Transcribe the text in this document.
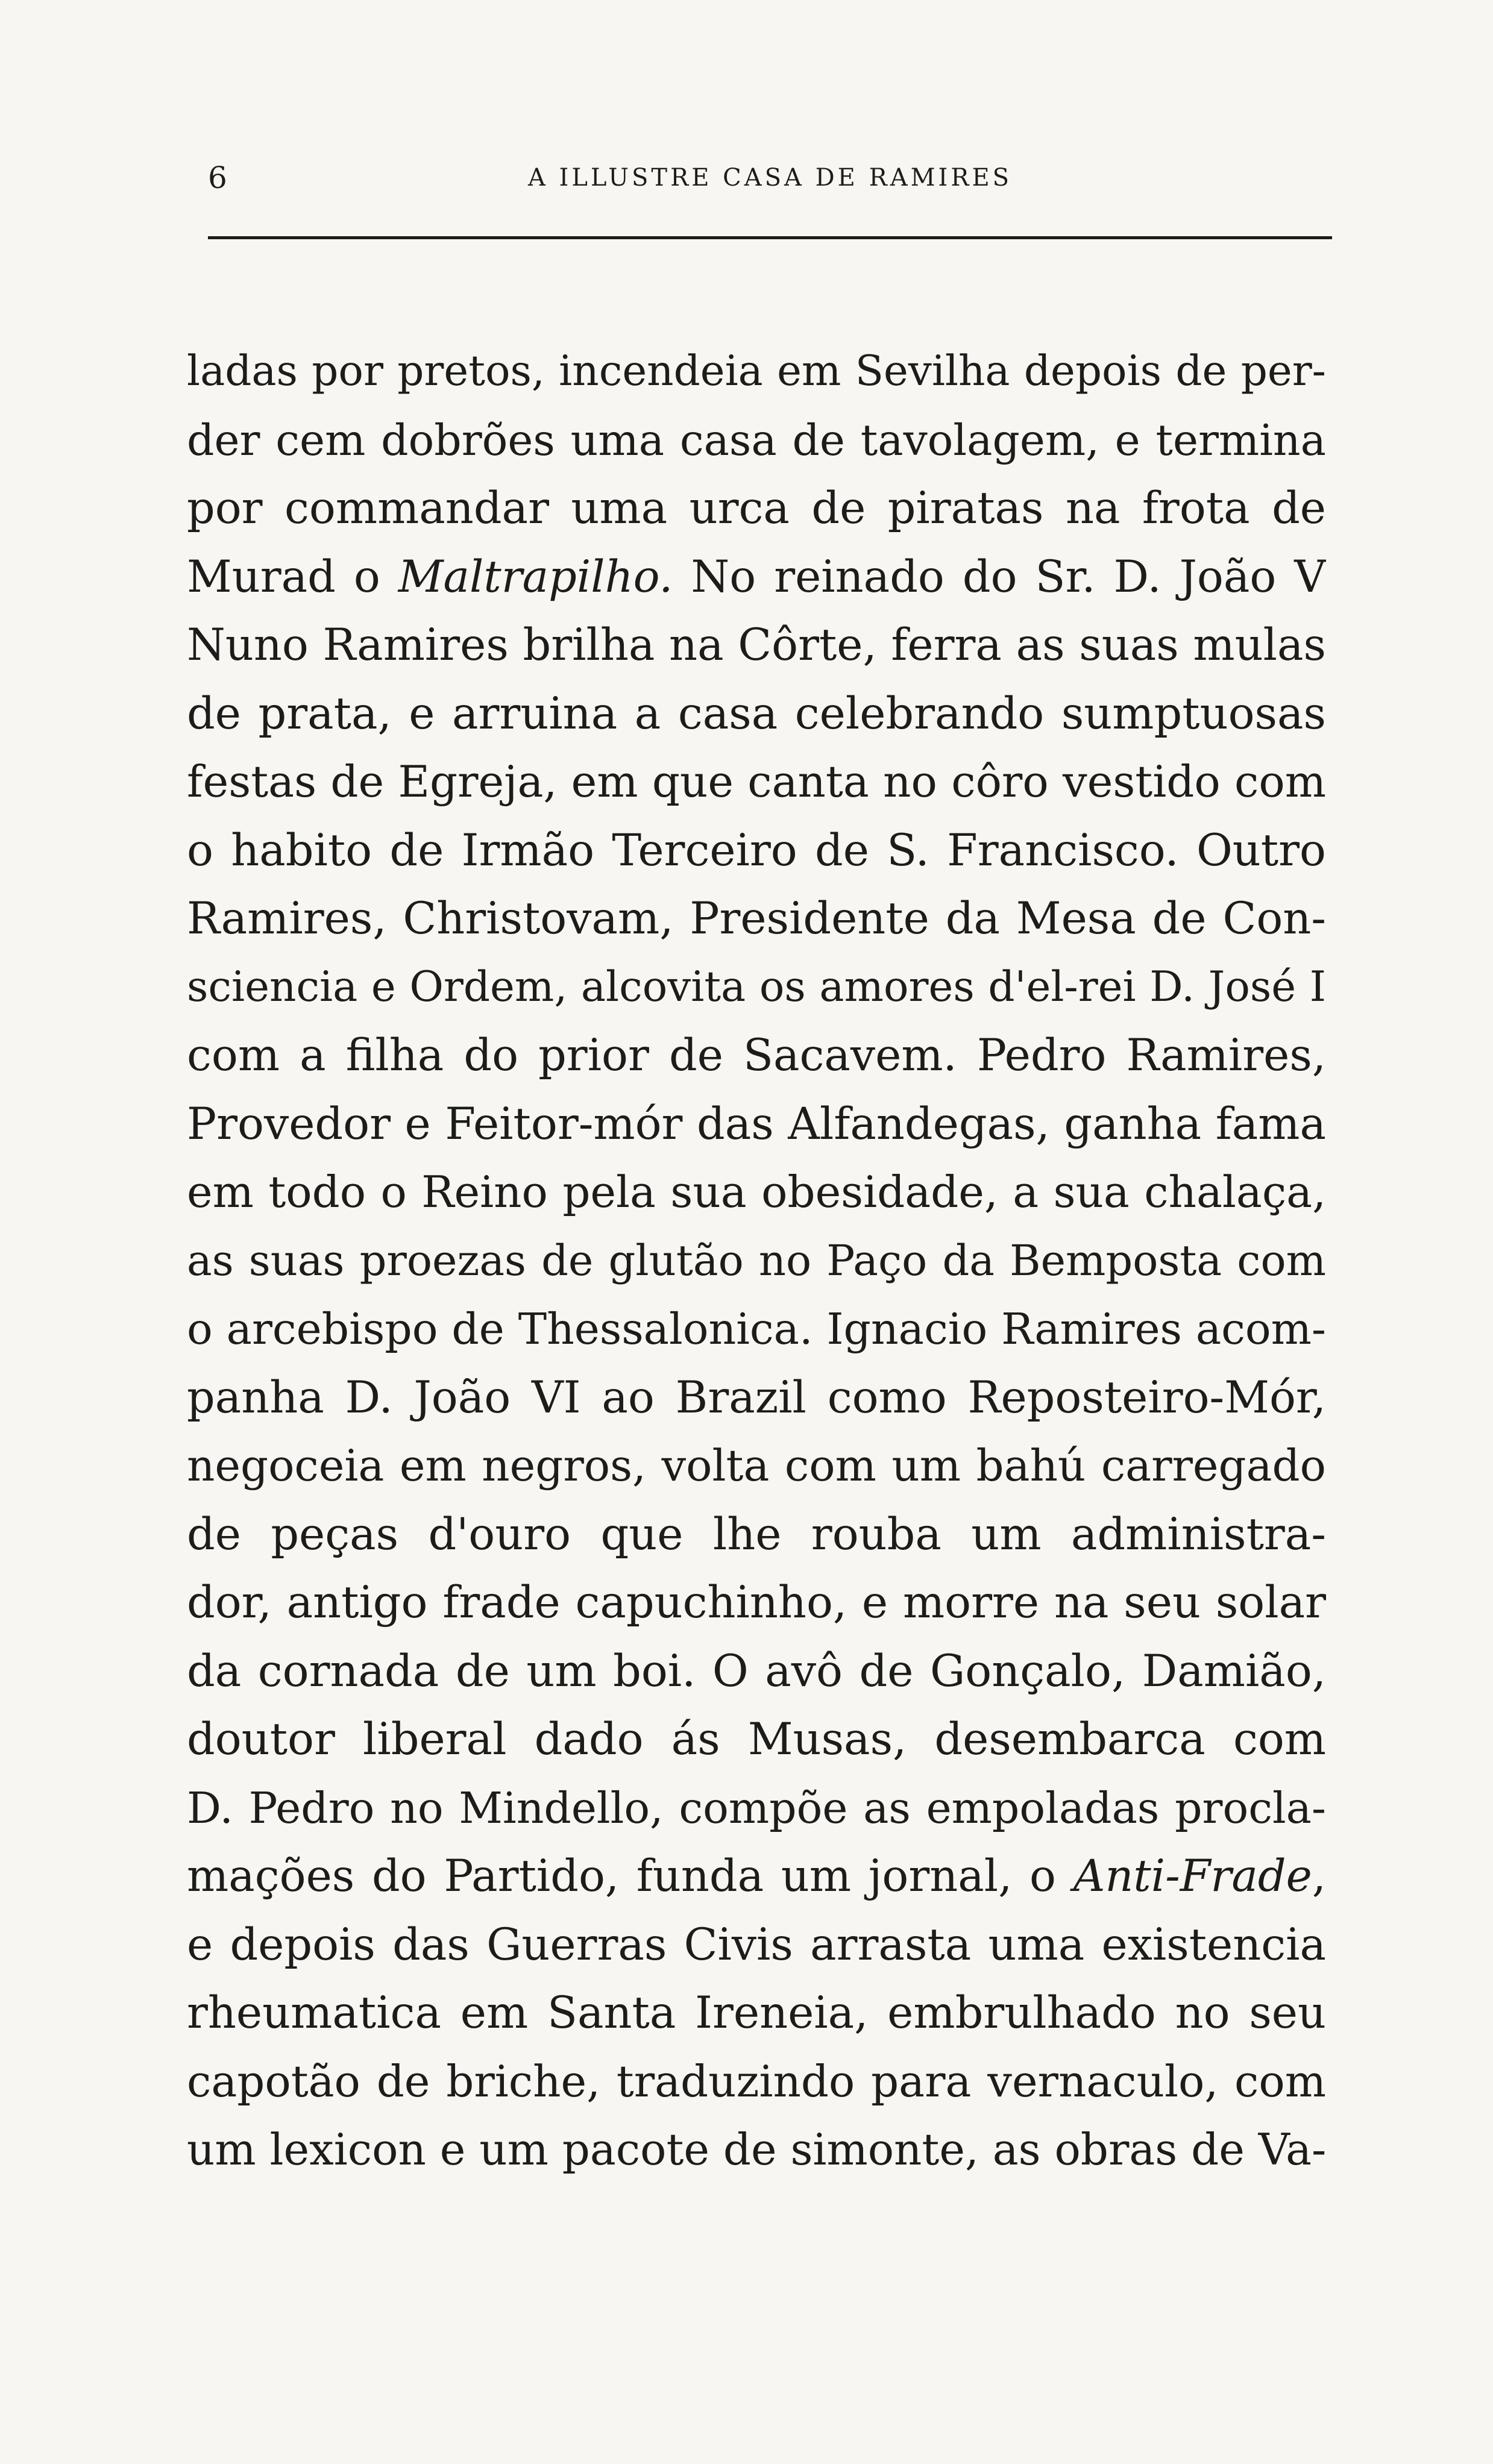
6	A ILLUSTRE CASA DE RAMIRES
ladas por pretos, incendeia em Sevilha depois de per-
der cem dobrões uma casa de tavolagem, e termina
por commandar uma urca de piratas na frota de
Murad o Maltrapilho. No reinado do Sr. D. João V
Nuno Ramires brilha na Côrte, ferra as suas mulas
de prata, e arruina a casa celebrando sumptuosas
festas de Egreja, em que canta no côro vestido com
o habito de Irmão Terceiro de S. Francisco. Outro
Ramires, Christovam, Presidente da Mesa de Con-
sciencia e Ordem, alcovita os amores d'el-rei D. José I
com a filha do prior de Sacavem. Pedro Ramires,
Provedor e Feitor-mór das Alfandegas, ganha fama
em todo o Reino pela sua obesidade, a sua chalaça,
as suas proezas de glutão no Paço da Bemposta com
o arcebispo de Thessalonica. Ignacio Ramires acom-
panha D. João VI ao Brazil como Reposteiro-Mór,
negoceia em negros, volta com um bahú carregado
de peças d'ouro que lhe rouba um administra-
dor, antigo frade capuchinho, e morre na seu solar
da cornada de um boi. O avô de Gonçalo, Damião,
doutor liberal dado ás Musas, desembarca com
D. Pedro no Mindello, compõe as empoladas procla-
mações do Partido, funda um jornal, o Anti-Frade,
e depois das Guerras Civis arrasta uma existencia
rheumatica em Santa Ireneia, embrulhado no seu
capotão de briche, traduzindo para vernaculo, com
um lexicon e um pacote de simonte, as obras de Va-
